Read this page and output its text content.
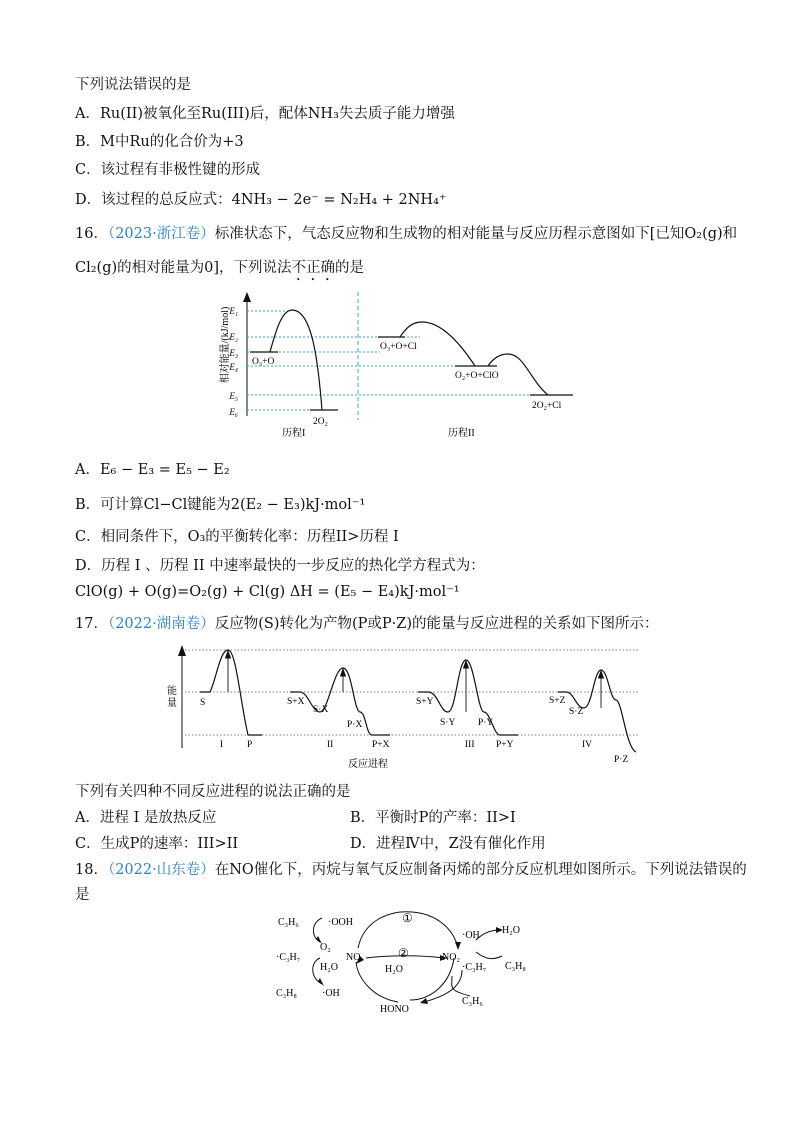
下列说法错误的是
A．Ru(II)被氧化至Ru(III)后，配体NH₃失去质子能力增强
B．M中Ru的化合价为+3
C．该过程有非极性键的形成
D．该过程的总反应式：4NH₃ − 2e⁻ = N₂H₄ + 2NH₄⁺
16．（2023·浙江卷）标准状态下，气态反应物和生成物的相对能量与反应历程示意图如下[已知O₂(g)和
Cl₂(g)的相对能量为0]，下列说法不正确的是
相对能量/(kJ/mol)
E₁
E₂
E₃
E₄
E₅
E₆
O₃+O
2O₂
O₃+O+Cl
O₂+O+ClO
2O₂+Cl
历程I	历程II
A．E₆ − E₃ = E₅ − E₂
B．可计算Cl−Cl键能为2(E₂ − E₃)kJ·mol⁻¹
C．相同条件下，O₃的平衡转化率：历程II>历程 I
D．历程 I 、历程 II 中速率最快的一步反应的热化学方程式为：
ClO(g) + O(g)=O₂(g) + Cl(g) ΔH = (E₅ − E₄)kJ·mol⁻¹
17．（2022·湖南卷）反应物(S)转化为产物(P或P·Z)的能量与反应进程的关系如下图所示：
能
量 S
P
I
S+X
S·X
P·X
P+X
II
S+Y
S·Y P·Y
P+Y
III
S+Z
S·Z
IV
P·Z
反应进程
下列有关四种不同反应进程的说法正确的是
A．进程 I 是放热反应	B．平衡时P的产率：II>I
C．生成P的速率：III>II	D．进程Ⅳ中，Z没有催化作用
18．（2022·山东卷）在NO催化下，丙烷与氧气反应制备丙烯的部分反应机理如图所示。下列说法错误的
是
C₃H₆	·OOH
·C₃H₇
O₂
H₂O
C₃H₈	·OH
NO
H₂O
NO₂
·C₃H₇
·OH H₂O
C₃H₈
HONO
C₃H₆
①
②
